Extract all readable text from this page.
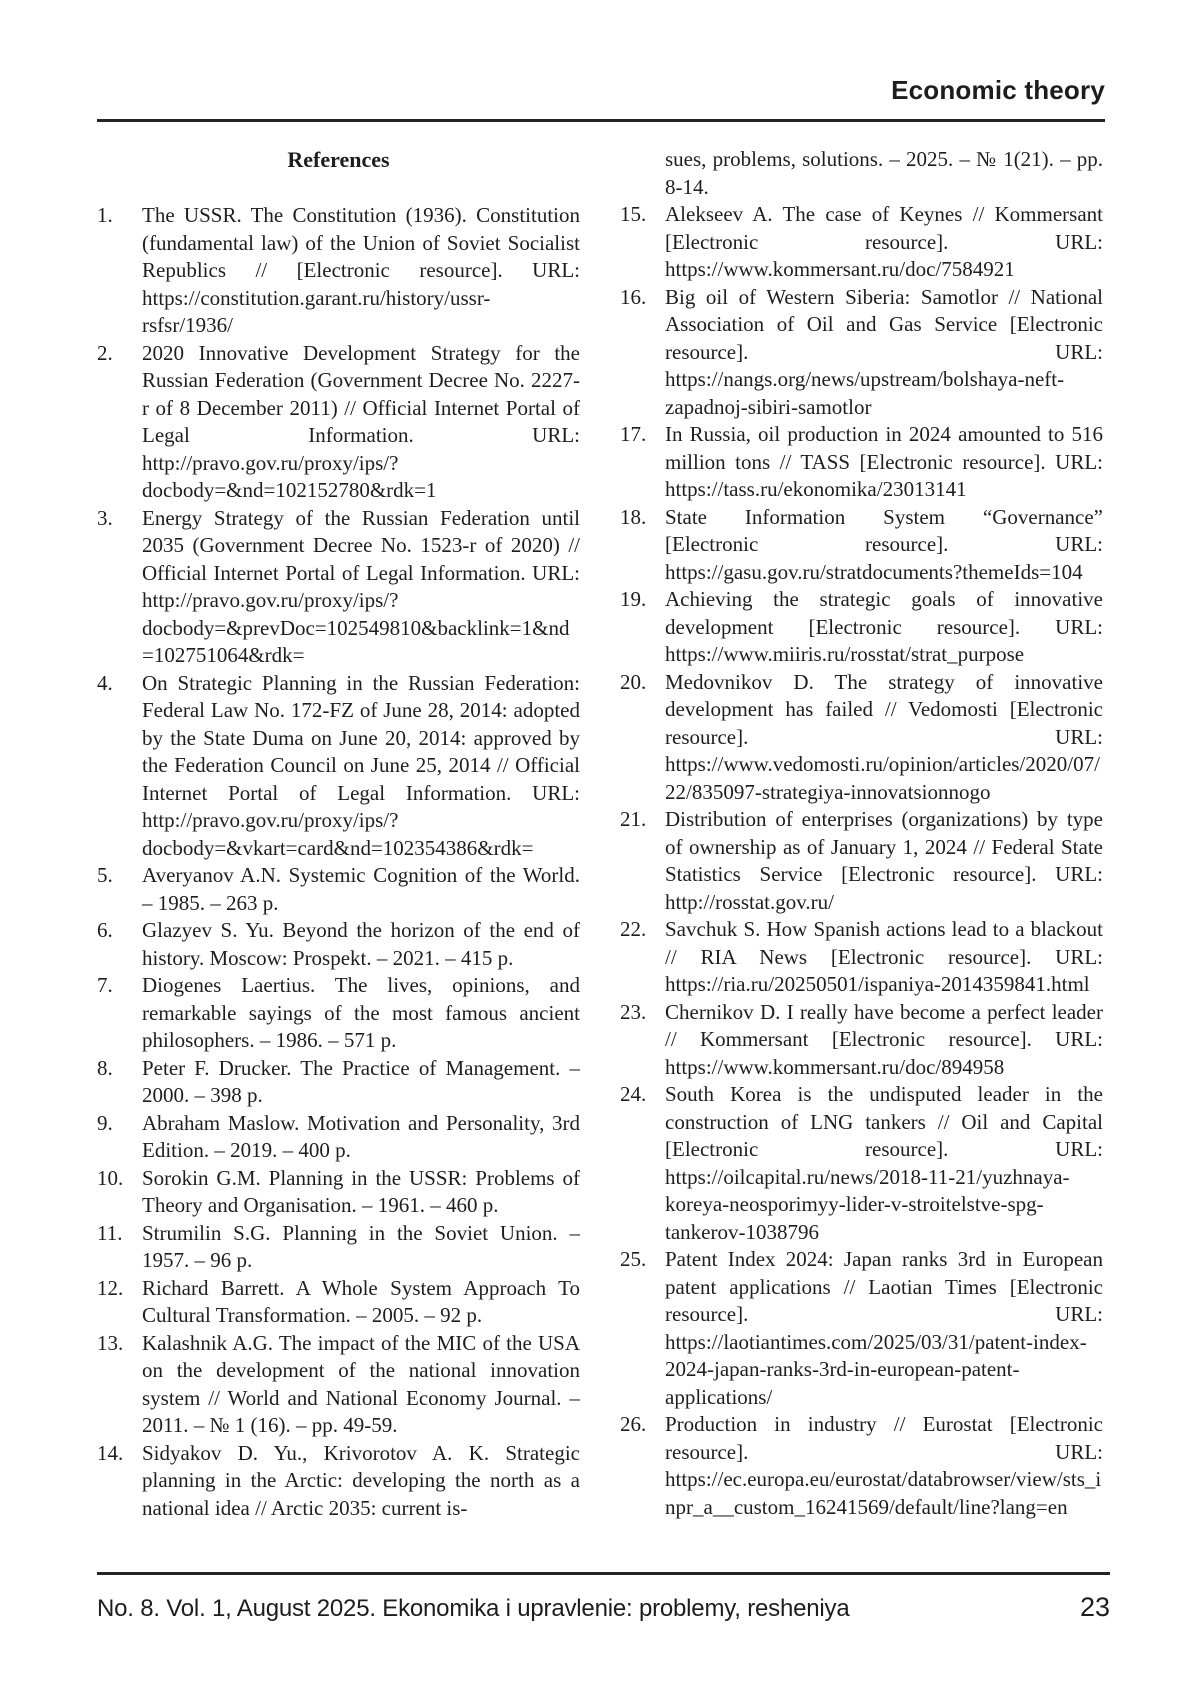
Economic theory
References
1.	The USSR. The Constitution (1936). Constitution (fundamental law) of the Union of Soviet Socialist Republics // [Electronic resource]. URL: https://constitution.garant.ru/history/ussr-rsfsr/1936/
2.	2020 Innovative Development Strategy for the Russian Federation (Government Decree No. 2227-r of 8 December 2011) // Official Internet Portal of Legal Information. URL: http://pravo.gov.ru/proxy/ips/?docbody=&nd=102152780&rdk=1
3.	Energy Strategy of the Russian Federation until 2035 (Government Decree No. 1523-r of 2020) // Official Internet Portal of Legal Information. URL: http://pravo.gov.ru/proxy/ips/?docbody=&prevDoc=102549810&backlink=1&nd=102751064&rdk=
4.	On Strategic Planning in the Russian Federation: Federal Law No. 172-FZ of June 28, 2014: adopted by the State Duma on June 20, 2014: approved by the Federation Council on June 25, 2014 // Official Internet Portal of Legal Information. URL: http://pravo.gov.ru/proxy/ips/?docbody=&vkart=card&nd=102354386&rdk=
5.	Averyanov A.N. Systemic Cognition of the World. – 1985. – 263 p.
6.	Glazyev S. Yu. Beyond the horizon of the end of history. Moscow: Prospekt. – 2021. – 415 p.
7.	Diogenes Laertius. The lives, opinions, and remarkable sayings of the most famous ancient philosophers. – 1986. – 571 p.
8.	Peter F. Drucker. The Practice of Management. – 2000. – 398 p.
9.	Abraham Maslow. Motivation and Personality, 3rd Edition. – 2019. – 400 p.
10. Sorokin G.M. Planning in the USSR: Problems of Theory and Organisation. – 1961. – 460 p.
11. Strumilin S.G. Planning in the Soviet Union. – 1957. – 96 p.
12. Richard Barrett. A Whole System Approach To Cultural Transformation. – 2005. – 92 p.
13. Kalashnik A.G. The impact of the MIC of the USA on the development of the national innovation system // World and National Economy Journal. – 2011. – № 1 (16). – pp. 49-59.
14. Sidyakov D. Yu., Krivorotov A. K. Strategic planning in the Arctic: developing the north as a national idea // Arctic 2035: current is-

sues, problems, solutions. – 2025. – № 1(21). – pp. 8-14.

15. Alekseev A. The case of Keynes // Kommersant [Electronic resource]. URL: https://www.kommersant.ru/doc/7584921
16. Big oil of Western Siberia: Samotlor // National Association of Oil and Gas Service [Electronic resource]. URL: https://nangs.org/news/upstream/bolshaya-neft-zapadnoj-sibiri-samotlor
17. In Russia, oil production in 2024 amounted to 516 million tons // TASS [Electronic resource]. URL: https://tass.ru/ekonomika/23013141
18. State Information System “Governance” [Electronic resource]. URL: https://gasu.gov.ru/stratdocuments?themeIds=104
19. Achieving the strategic goals of innovative development [Electronic resource]. URL: https://www.miiris.ru/rosstat/strat_purpose
20. Medovnikov D. The strategy of innovative development has failed // Vedomosti [Electronic resource]. URL: https://www.vedomosti.ru/opinion/articles/2020/07/22/835097-strategiya-innovatsionnogo
21. Distribution of enterprises (organizations) by type of ownership as of January 1, 2024 // Federal State Statistics Service [Electronic resource]. URL: http://rosstat.gov.ru/
22. Savchuk S. How Spanish actions lead to a blackout // RIA News [Electronic resource]. URL: https://ria.ru/20250501/ispaniya-2014359841.html
23. Chernikov D. I really have become a perfect leader // Kommersant [Electronic resource]. URL: https://www.kommersant.ru/doc/894958
24. South Korea is the undisputed leader in the construction of LNG tankers // Oil and Capital [Electronic resource]. URL: https://oilcapital.ru/news/2018-11-21/yuzhnaya-koreya-neosporimyy-lider-v-stroitelstve-spg-tankerov-1038796
25. Patent Index 2024: Japan ranks 3rd in European patent applications // Laotian Times [Electronic resource]. URL: https://laotiantimes.com/2025/03/31/patent-index-2024-japan-ranks-3rd-in-european-patent-applications/
26. Production in industry // Eurostat [Electronic resource]. URL: https://ec.europa.eu/eurostat/databrowser/view/sts_inpr_a__custom_16241569/default/line?lang=en
No. 8. Vol. 1, August 2025. Ekonomika i upravlenie: problemy, resheniya	23
